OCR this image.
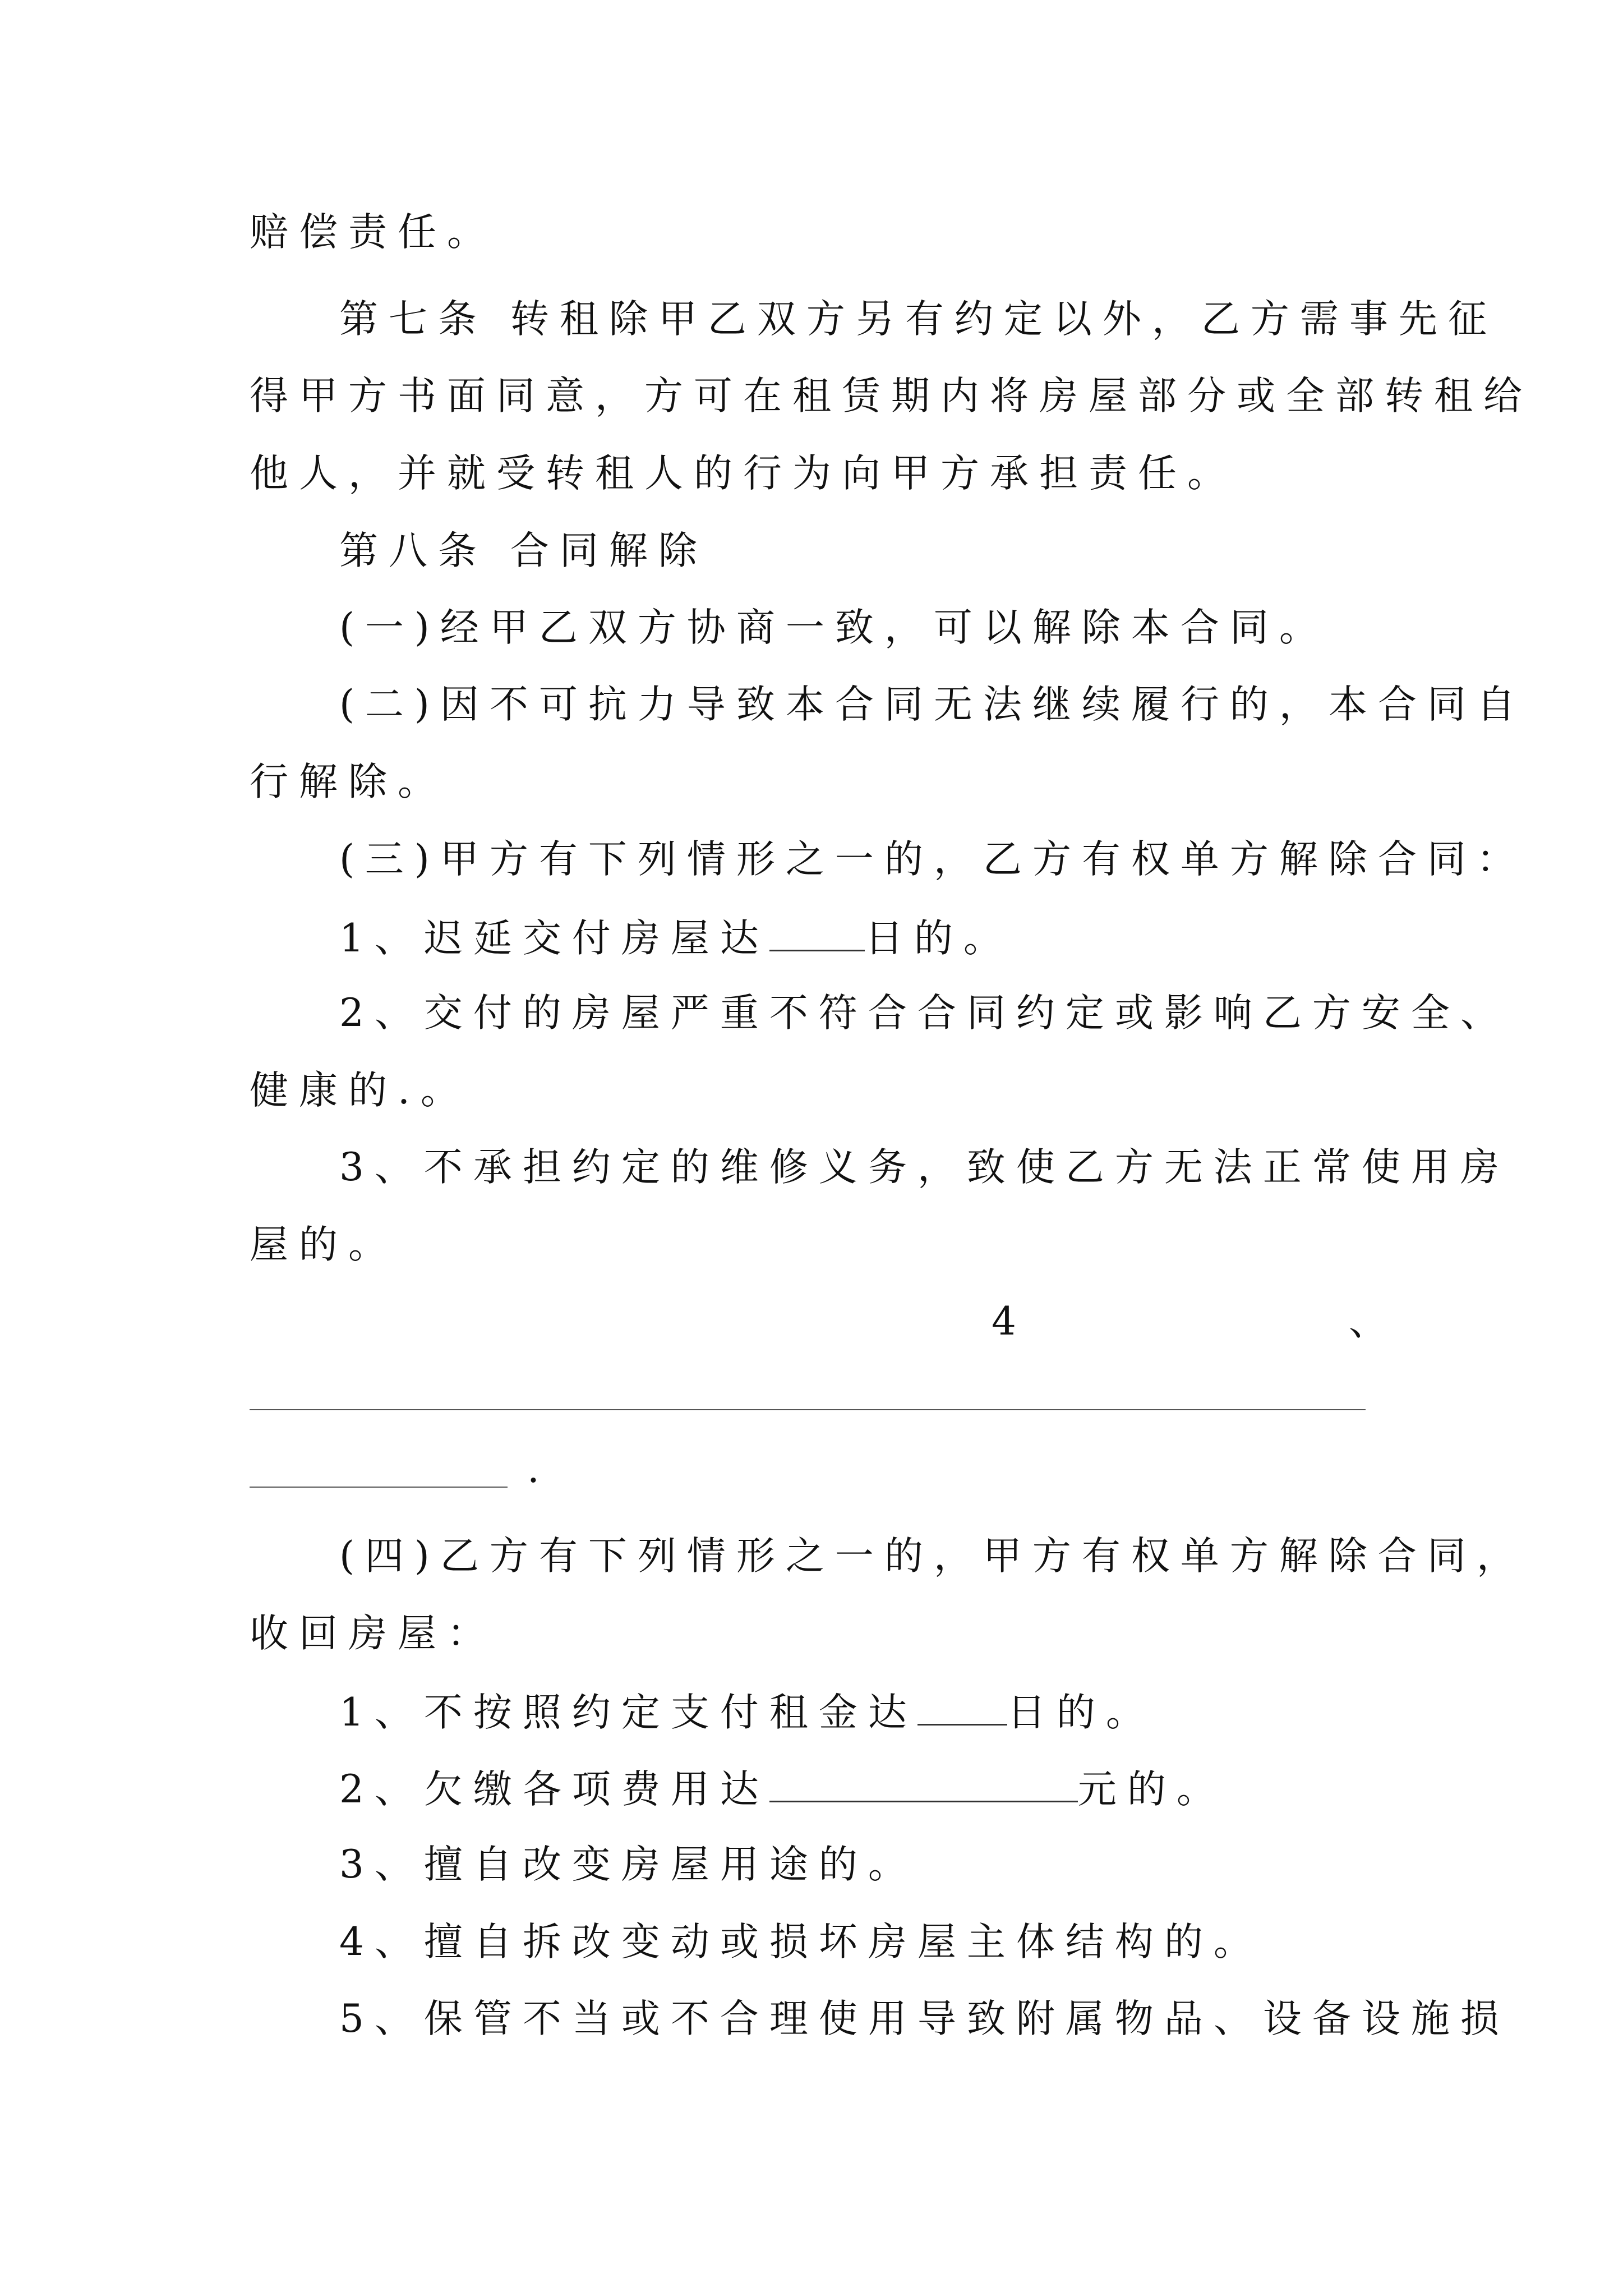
赔偿责任。
第七条 转租除甲乙双方另有约定以外，乙方需事先征
得甲方书面同意，方可在租赁期内将房屋部分或全部转租给
他人，并就受转租人的行为向甲方承担责任。
第八条 合同解除
(一)经甲乙双方协商一致，可以解除本合同。
(二)因不可抗力导致本合同无法继续履行的，本合同自
行解除。
(三)甲方有下列情形之一的，乙方有权单方解除合同：
1、迟延交付房屋达 日的。
2、交付的房屋严重不符合合同约定或影响乙方安全、
健康的.。
3、不承担约定的维修义务，致使乙方无法正常使用房
屋的。
4	、
.
(四)乙方有下列情形之一的，甲方有权单方解除合同，
收回房屋：
1、不按照约定支付租金达 日的。
2、欠缴各项费用达	元的。
3、擅自改变房屋用途的。
4、擅自拆改变动或损坏房屋主体结构的。
5、保管不当或不合理使用导致附属物品、设备设施损
